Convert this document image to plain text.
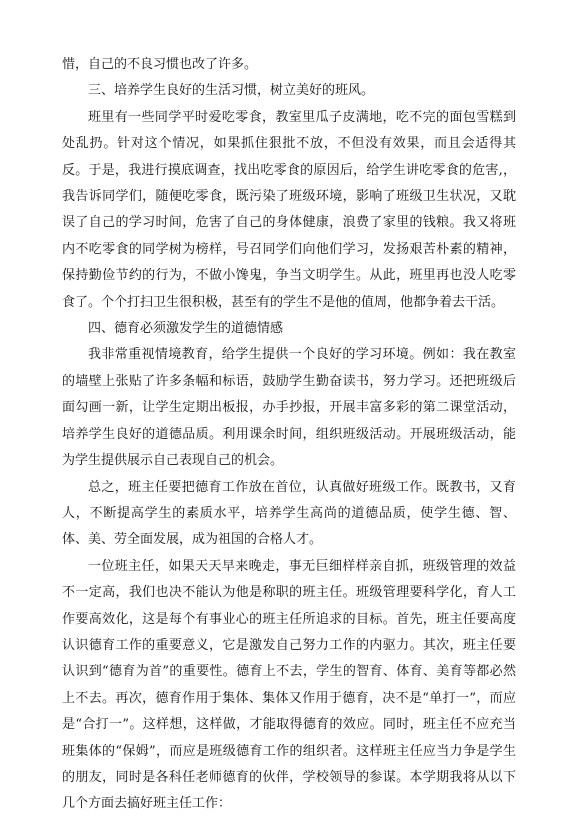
惜，自己的不良习惯也改了许多。

三、培养学生良好的生活习惯，树立美好的班风。

班里有一些同学平时爱吃零食，教室里瓜子皮满地，吃不完的面包雪糕到处乱扔。针对这个情况，如果抓住狠批不放，不但没有效果，而且会适得其反。于是，我进行摸底调查，找出吃零食的原因后，给学生讲吃零食的危害,，我告诉同学们，随便吃零食，既污染了班级环境，影响了班级卫生状况，又耽误了自己的学习时间，危害了自己的身体健康，浪费了家里的钱粮。我又将班内不吃零食的同学树为榜样，号召同学们向他们学习，发扬艰苦朴素的精神，保持勤俭节约的行为，不做小馋鬼，争当文明学生。从此，班里再也没人吃零食了。个个打扫卫生很积极，甚至有的学生不是他的值周，他都争着去干活。

四、德育必须激发学生的道德情感

我非常重视情境教育，给学生提供一个良好的学习环境。例如：我在教室的墙壁上张贴了许多条幅和标语，鼓励学生勤奋读书，努力学习。还把班级后面勾画一新，让学生定期出板报，办手抄报，开展丰富多彩的第二课堂活动，培养学生良好的道德品质。利用课余时间，组织班级活动。开展班级活动，能为学生提供展示自己表现自己的机会。

总之，班主任要把德育工作放在首位，认真做好班级工作。既教书，又育人，不断提高学生的素质水平，培养学生高尚的道德品质，使学生德、智、体、美、劳全面发展，成为祖国的合格人才。

一位班主任，如果天天早来晚走，事无巨细样样亲自抓，班级管理的效益不一定高，我们也决不能认为他是称职的班主任。班级管理要科学化，育人工作要高效化，这是每个有事业心的班主任所追求的目标。首先，班主任要高度认识德育工作的重要意义，它是激发自己努力工作的内驱力。其次，班主任要认识到“德育为首”的重要性。德育上不去，学生的智育、体育、美育等都必然上不去。再次，德育作用于集体、集体又作用于德育，决不是“单打一”，而应是“合打一”。这样想，这样做，才能取得德育的效应。同时，班主任不应充当班集体的“保姆”，而应是班级德育工作的组织者。这样班主任应当力争是学生的朋友，同时是各科任老师德育的伙伴，学校领导的参谋。本学期我将从以下几个方面去搞好班主任工作：
